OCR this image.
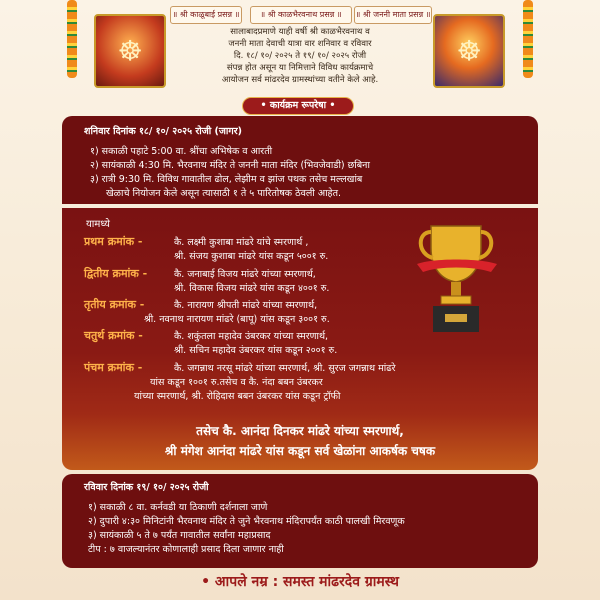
॥ श्री काळूबाई प्रसन्न ॥	॥ श्री काळभैरवनाथ प्रसन्न ॥	॥ श्री जननी माता प्रसन्न ॥
☸	☸
सालाबादप्रमाणे याही वर्षी श्री काळभैरवनाथ व
जननी माता देवाची यात्रा वार शनिवार व रविवार
दि. १८/ १०/ २०२५ ते १९/ १०/ २०२५ रोजी
संपन्न होत असून या निमित्ताने विविध कार्यक्रमाचे
आयोजन सर्व मांढरदेव ग्रामस्थांच्या वतीने केले आहे.
• कार्यक्रम रूपरेषा •
शनिवार दिनांक १८/ १०/ २०२५ रोजी (जागर)
१) सकाळी पहाटे 5:00 वा. श्रींचा अभिषेक व आरती
२) सायंकाळी 4:30 मि. भैरवनाथ मंदिर ते जननी माता मंदिर (भिवजेवाडी) छबिना
३) रात्री 9:30 मि. विविध गावातील ढोल, लेझीम व झांज पथक तसेच मल्लखांब
खेळाचे नियोजन केले असून त्यासाठी १ ते ५ पारितोषक ठेवली आहेत.
यामध्ये
प्रथम क्रमांक -	कै. लक्ष्मी कुशाबा मांढरे यांचे स्मरणार्थ ,
श्री. संजय कुशाबा मांढरे यांस कडून ५००१ रु.
द्वितीय क्रमांक -	कै. जनाबाई विजय मांढरे यांच्या स्मरणार्थ,
श्री. विकास विजय मांढरे यांस कडून ४००१ रु.
तृतीय क्रमांक -	कै. नारायण श्रीपती मांढरे यांच्या स्मरणार्थ,
श्री. नवनाथ नारायण मांढरे (बापू) यांस कडून ३००१ रु.
चतुर्थ क्रमांक -	कै. शकुंतला महादेव उंबरकर यांच्या स्मरणार्थ,
श्री. सचिन महादेव उंबरकर यांस कडून २००१ रु.
पंचम क्रमांक -	कै. जगन्नाथ नरसू मांढरे यांच्या स्मरणार्थ, श्री. सुरज जगन्नाथ मांढरे
यांस कडून १००१ रु.तसेच व कै. नंदा बबन उंबरकर
यांच्या स्मरणार्थ, श्री. रोहिदास बबन उंबरकर यांस कडून ट्रॉफी
तसेच कै. आनंदा दिनकर मांढरे यांच्या स्मरणार्थ,
श्री मंगेश आनंदा मांढरे यांस कडून सर्व खेळांना आकर्षक चषक
रविवार दिनांक १९/ १०/ २०२५ रोजी
१) सकाळी ८ वा. कर्नवडी या ठिकाणी दर्शनाला जाणे
२) दुपारी ४:३० मिनिटांनी भैरवनाथ मंदिर ते जुने भैरवनाथ मंदिरापर्यंत काठी पालखी मिरवणूक
३) सायंकाळी ५ ते ७ पर्यंत गावातील सर्वांना महाप्रसाद
टीप : ७ वाजल्यानंतर कोणालाही प्रसाद दिला जाणार नाही
• आपले नम्र : समस्त मांढरदेव ग्रामस्थ
